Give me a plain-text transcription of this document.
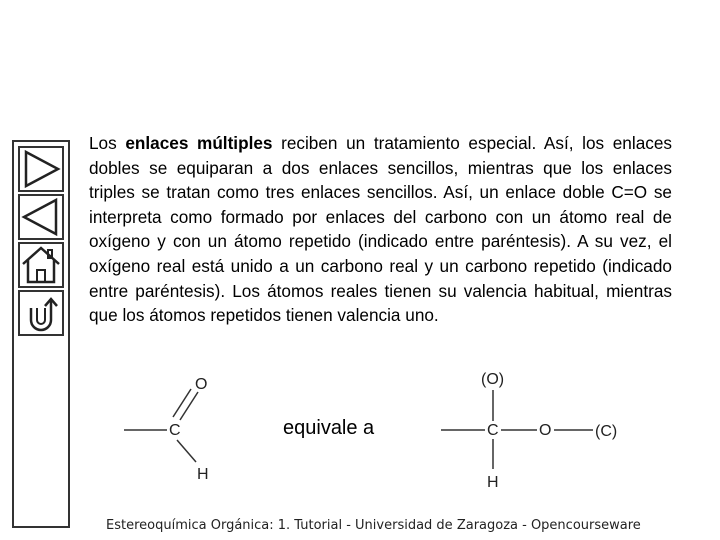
Los enlaces múltiples reciben un tratamiento especial. Así, los enlaces dobles se equiparan a dos enlaces sencillos, mientras que los enlaces triples se tratan como tres enlaces sencillos. Así, un enlace doble C=O se interpreta como formado por enlaces del carbono con un átomo real de oxígeno y con un átomo repetido (indicado entre paréntesis). A su vez, el oxígeno real está unido a un carbono real y un carbono repetido (indicado entre paréntesis). Los átomos reales tienen su valencia habitual, mientras que los átomos repetidos tienen valencia uno.
O
C
H
equivale a
(O)
C	O	(C)
H
Estereoquímica Orgánica: 1. Tutorial - Universidad de Zaragoza - Opencourseware
